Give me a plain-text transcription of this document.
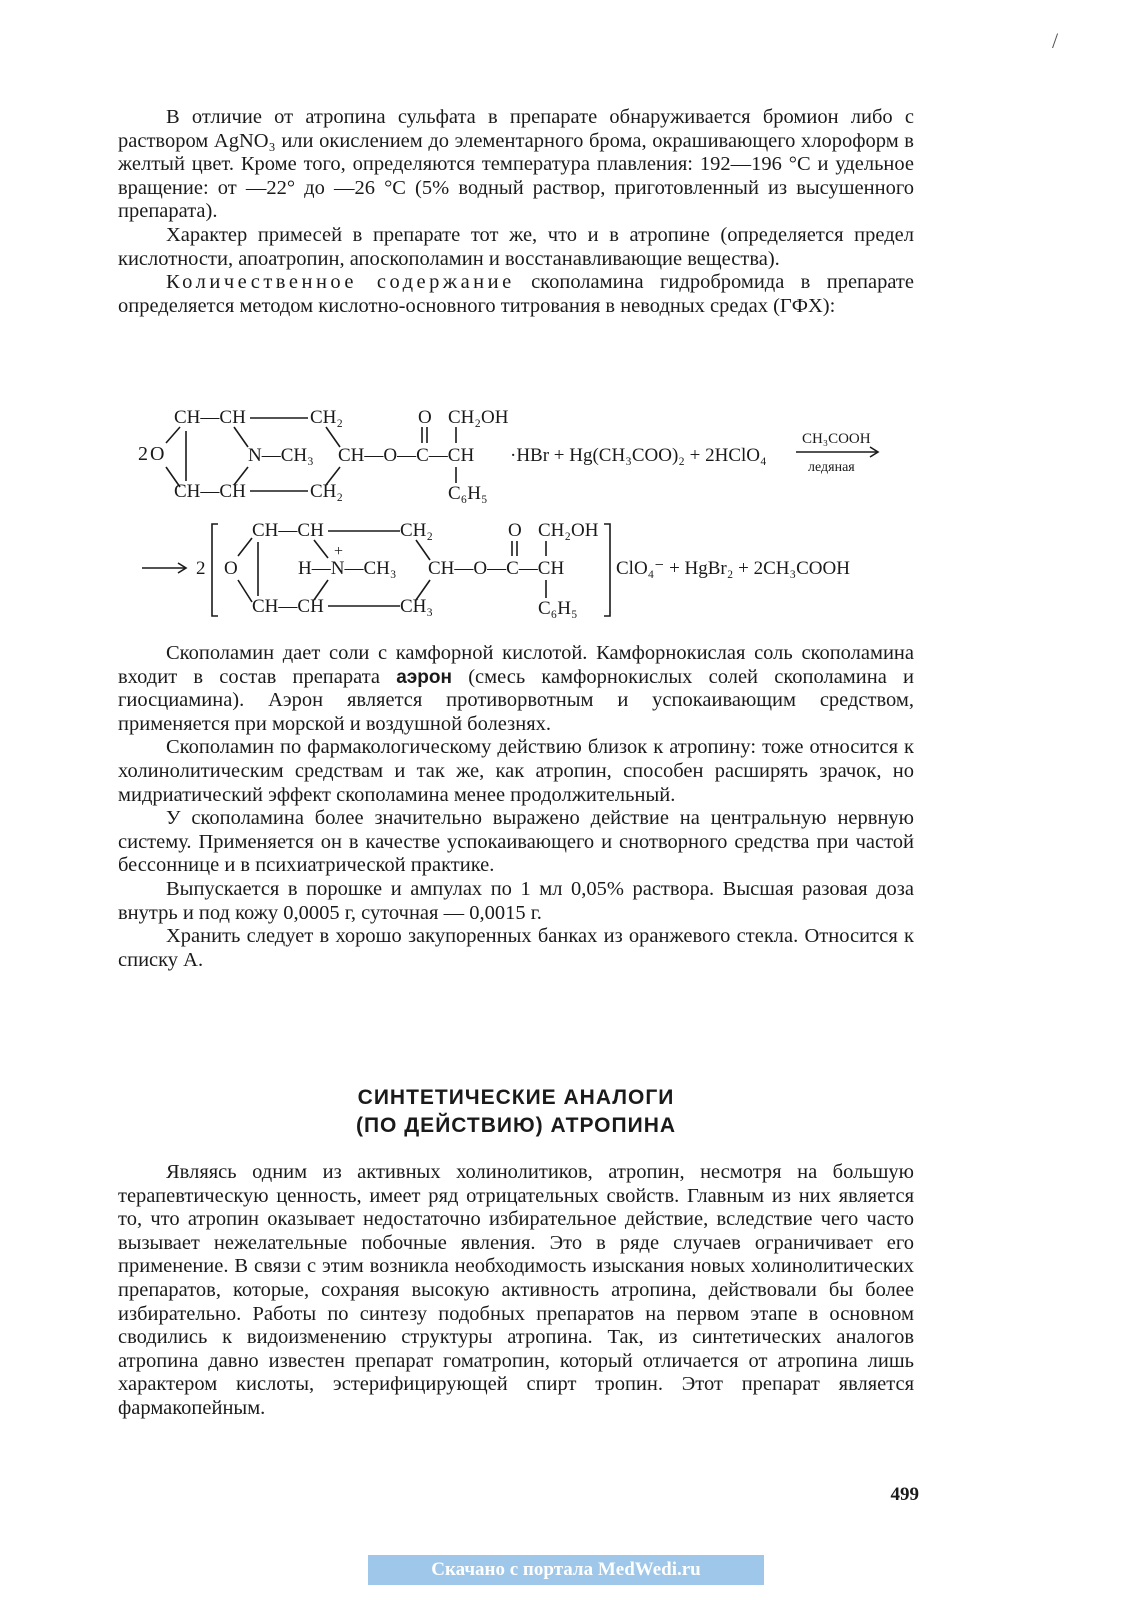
/

В отличие от атропина сульфата в препарате обнаруживается бромион либо с раствором AgNO₃ или окислением до элементарного брома, окрашивающего хлороформ в желтый цвет. Кроме того, определяются температура плавления: 192—196 °С и удельное вращение: от —22° до —26 °С (5% водный раствор, приготовленный из высушенного препарата).

Характер примесей в препарате тот же, что и в атропине (определяется предел кислотности, апоатропин, апоскополамин и восстанавливающие вещества).

Количественное содержание скополамина гидробромида в препарате определяется методом кислотно-основного титрования в неводных средах (ГФХ):

2 O
CH—CH	CH₂
CH—CH	CH₂
N—CH₃ CH—O—C—CH
O CH₂OH
C₆H₅
·HBr + Hg(CH₃COO)₂ + 2HClO₄
CH₃COOH
ледяная
2 O
CH—CH	CH₂
+
H—N—CH₃
CH—CH	CH₃
CH—O—C—CH
O CH₂OH
C₆H₅
ClO₄⁻ + HgBr₂ + 2CH₃COOH

Скополамин дает соли с камфорной кислотой. Камфорнокислая соль скополамина входит в состав препарата аэрон (смесь камфорнокислых солей скополамина и гиосциамина). Аэрон является противорвотным и успокаивающим средством, применяется при морской и воздушной болезнях.

Скополамин по фармакологическому действию близок к атропину: тоже относится к холинолитическим средствам и так же, как атропин, способен расширять зрачок, но мидриатический эффект скополамина менее продолжительный.

У скополамина более значительно выражено действие на центральную нервную систему. Применяется он в качестве успокаивающего и снотворного средства при частой бессоннице и в психиатрической практике.

Выпускается в порошке и ампулах по 1 мл 0,05% раствора. Высшая разовая доза внутрь и под кожу 0,0005 г, суточная — 0,0015 г.

Хранить следует в хорошо закупоренных банках из оранжевого стекла. Относится к списку А.

СИНТЕТИЧЕСКИЕ АНАЛОГИ
(ПО ДЕЙСТВИЮ) АТРОПИНА

Являясь одним из активных холинолитиков, атропин, несмотря на большую терапевтическую ценность, имеет ряд отрицательных свойств. Главным из них является то, что атропин оказывает недостаточно избирательное действие, вследствие чего часто вызывает нежелательные побочные явления. Это в ряде случаев ограничивает его применение. В связи с этим возникла необходимость изыскания новых холинолитических препаратов, которые, сохраняя высокую активность атропина, действовали бы более избирательно. Работы по синтезу подобных препаратов на первом этапе в основном сводились к видоизменению структуры атропина. Так, из синтетических аналогов атропина давно известен препарат гоматропин, который отличается от атропина лишь характером кислоты, эстерифицирующей спирт тропин. Этот препарат является фармакопейным.

499
Скачано с портала MedWedi.ru
